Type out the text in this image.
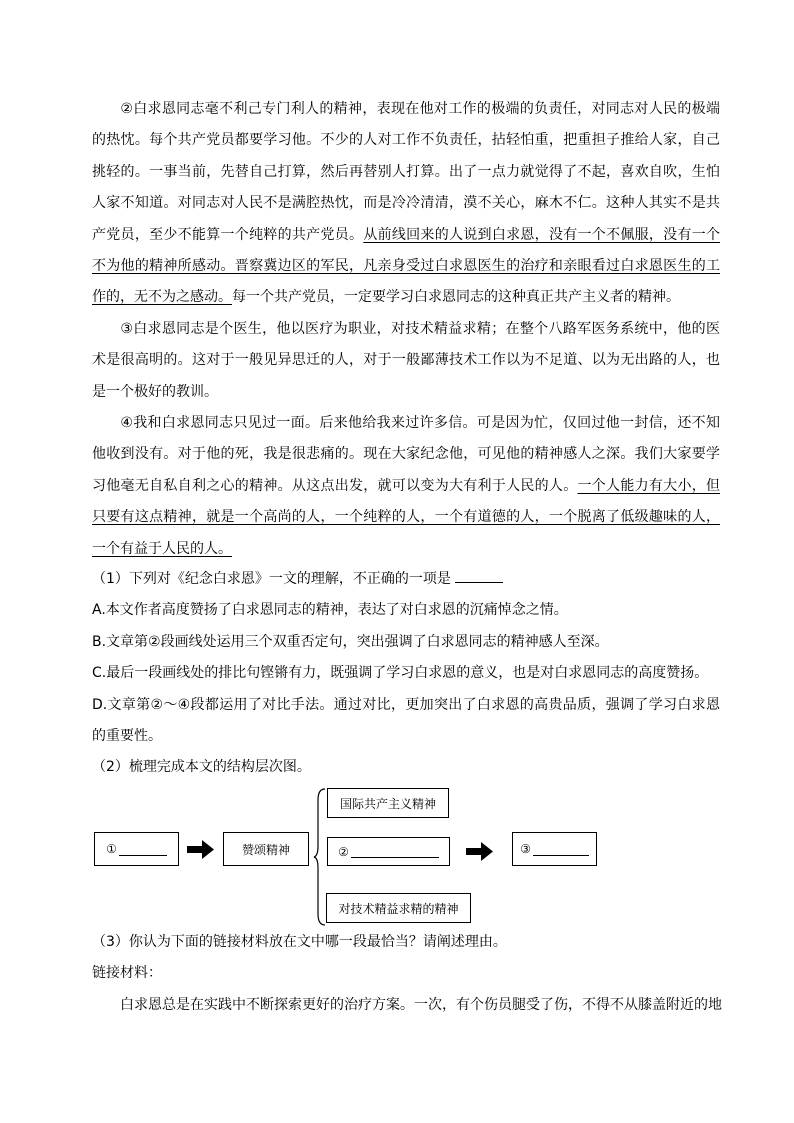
②白求恩同志毫不利己专门利人的精神，表现在他对工作的极端的负责任，对同志对人民的极端的热忱。每个共产党员都要学习他。不少的人对工作不负责任，拈轻怕重，把重担子推给人家，自己挑轻的。一事当前，先替自己打算，然后再替别人打算。出了一点力就觉得了不起，喜欢自吹，生怕人家不知道。对同志对人民不是满腔热忱，而是冷冷清清，漠不关心，麻木不仁。这种人其实不是共产党员，至少不能算一个纯粹的共产党员。从前线回来的人说到白求恩，没有一个不佩服，没有一个不为他的精神所感动。晋察冀边区的军民，凡亲身受过白求恩医生的治疗和亲眼看过白求恩医生的工作的，无不为之感动。每一个共产党员，一定要学习白求恩同志的这种真正共产主义者的精神。

③白求恩同志是个医生，他以医疗为职业，对技术精益求精；在整个八路军医务系统中，他的医术是很高明的。这对于一般见异思迁的人，对于一般鄙薄技术工作以为不足道、以为无出路的人，也是一个极好的教训。

④我和白求恩同志只见过一面。后来他给我来过许多信。可是因为忙，仅回过他一封信，还不知他收到没有。对于他的死，我是很悲痛的。现在大家纪念他，可见他的精神感人之深。我们大家要学习他毫无自私自利之心的精神。从这点出发，就可以变为大有利于人民的人。一个人能力有大小，但只要有这点精神，就是一个高尚的人，一个纯粹的人，一个有道德的人，一个脱离了低级趣味的人，一个有益于人民的人。

（1）下列对《纪念白求恩》一文的理解，不正确的一项是

A.本文作者高度赞扬了白求恩同志的精神，表达了对白求恩的沉痛悼念之情。

B.文章第②段画线处运用三个双重否定句，突出强调了白求恩同志的精神感人至深。

C.最后一段画线处的排比句铿锵有力，既强调了学习白求恩的意义，也是对白求恩同志的高度赞扬。

D.文章第②～④段都运用了对比手法。通过对比，更加突出了白求恩的高贵品质，强调了学习白求恩的重要性。

（2）梳理完成本文的结构层次图。

①	赞颂精神
国际共产主义精神
②
对技术精益求精的精神
③

（3）你认为下面的链接材料放在文中哪一段最恰当？请阐述理由。

链接材料：

白求恩总是在实践中不断探索更好的治疗方案。一次，有个伤员腿受了伤，不得不从膝盖附近的地
